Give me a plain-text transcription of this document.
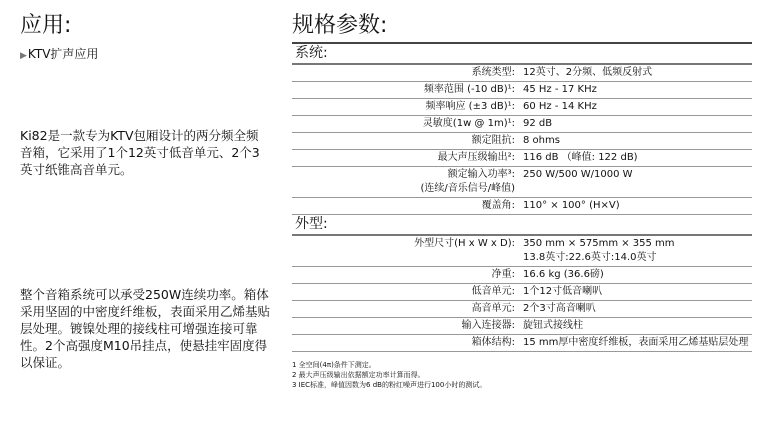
应用:
▶KTV扩声应用
Ki82是一款专为KTV包厢设计的两分频全频音箱，它采用了1个12英寸低音单元、2个3英寸纸锥高音单元。
整个音箱系统可以承受250W连续功率。箱体采用坚固的中密度纤维板，表面采用乙烯基贴层处理。镀镍处理的接线柱可增强连接可靠性。2个高强度M10吊挂点，使悬挂牢固度得以保证。
规格参数:
系统:
系统类型: 12英寸、2分频、低频反射式
频率范围 (-10 dB)¹: 45 Hz - 17 KHz
频率响应 (±3 dB)¹: 60 Hz - 14 KHz
灵敏度(1w @ 1m)¹: 92 dB
额定阻抗: 8 ohms
最大声压级输出²: 116 dB （峰值: 122 dB)
额定输入功率³:
(连续/音乐信号/峰值)
250 W/500 W/1000 W
覆盖角: 110° × 100° (H×V)
外型:
外型尺寸(H x W x D): 350 mm × 575mm × 355 mm
13.8英寸:22.6英寸:14.0英寸
净重: 16.6 kg (36.6磅)
低音单元: 1个12寸低音喇叭
高音单元: 2个3寸高音喇叭
输入连接器: 旋钮式接线柱
箱体结构: 15 mm厚中密度纤维板，表面采用乙烯基贴层处理
1 全空间(4π)条件下测定。
2 最大声压级输出依据额定功率计算而得。
3 IEC标准，峰值因数为6 dB的粉红噪声进行100小时的测试。
